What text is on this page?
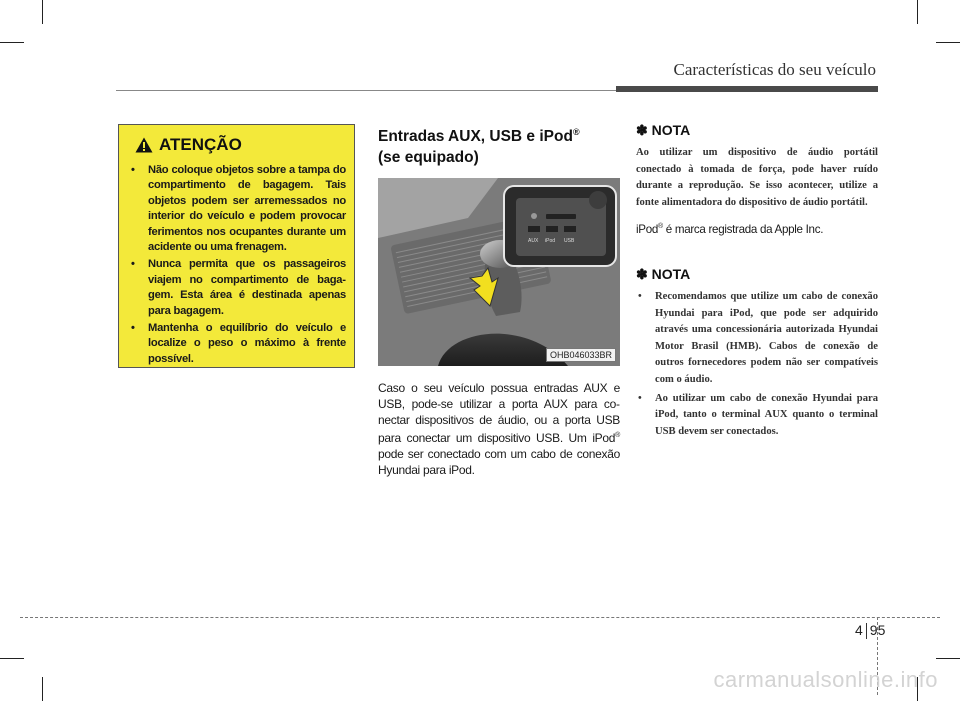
Características do seu veículo
ATENÇÃO
• Não coloque objetos sobre a tampa do compartimento de bagagem. Tais objetos podem ser arremessados no interior do veículo e podem provocar ferimentos nos ocupantes durante um acidente ou uma frenagem.
• Nunca permita que os passageiros viajem no compartimento de bagagem. Esta área é destinada apenas para bagagem.
• Mantenha o equilíbrio do veículo e localize o peso o máximo à frente possível.
Entradas AUX, USB e iPod®
(se equipado)
AUX iPod USB
OHB046033BR

Caso o seu veículo possua entradas AUX e USB, pode-se utilizar a porta AUX para conectar dispositivos de áudio, ou a porta USB para conectar um dispositivo USB. Um iPod® pode ser conectado com um cabo de conexão Hyundai para iPod.

✽ NOTA

Ao utilizar um dispositivo de áudio portátil conectado à tomada de força, pode haver ruído durante a reprodução. Se isso acontecer, utilize a fonte alimentadora do dispositivo de áudio portátil.

iPod® é marca registrada da Apple Inc.

✽ NOTA
• Recomendamos que utilize um cabo de conexão Hyundai para iPod, que pode ser adquirido através uma concessionária autorizada Hyundai Motor Brasil (HMB). Cabos de conexão de outros fornecedores podem não ser compatíveis com o áudio.
• Ao utilizar um cabo de conexão Hyundai para iPod, tanto o terminal AUX quanto o terminal USB devem ser conectados.
4 95
carmanualsonline.info
